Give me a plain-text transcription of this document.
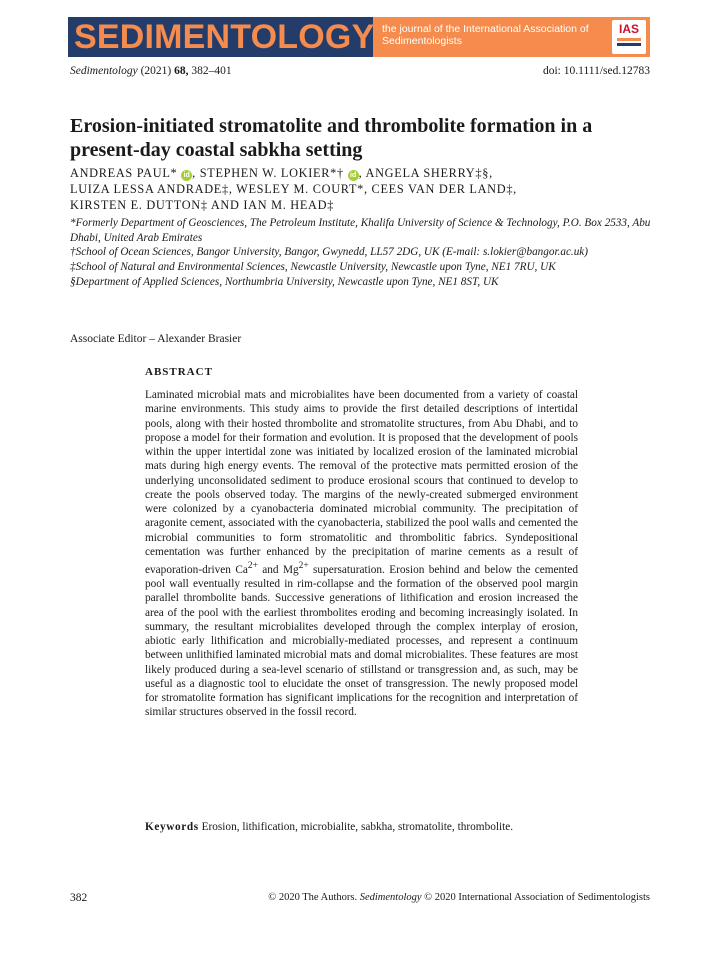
SEDIMENTOLOGY the journal of the International Association of Sedimentologists
IAS
Sedimentology (2021) 68, 382–401	doi: 10.1111/sed.12783
Erosion-initiated stromatolite and thrombolite formation in a present-day coastal sabkha setting
ANDREAS PAUL* id , STEPHEN W. LOKIER*† id , ANGELA SHERRY‡§,
LUIZA LESSA ANDRADE‡, WESLEY M. COURT*, CEES VAN DER LAND‡,
KIRSTEN E. DUTTON‡ AND IAN M. HEAD‡

*Formerly Department of Geosciences, The Petroleum Institute, Khalifa University of Science & Technology, P.O. Box 2533, Abu Dhabi, United Arab Emirates

†School of Ocean Sciences, Bangor University, Bangor, Gwynedd, LL57 2DG, UK (E-mail: s.lokier@bangor.ac.uk)

‡School of Natural and Environmental Sciences, Newcastle University, Newcastle upon Tyne, NE1 7RU, UK

§Department of Applied Sciences, Northumbria University, Newcastle upon Tyne, NE1 8ST, UK

Associate Editor – Alexander Brasier
ABSTRACT

Laminated microbial mats and microbialites have been documented from a variety of coastal marine environments. This study aims to provide the first detailed descriptions of intertidal pools, along with their hosted thrombolite and stromatolite structures, from Abu Dhabi, and to propose a model for their formation and evolution. It is proposed that the development of pools within the upper intertidal zone was initiated by localized erosion of the laminated microbial mats during high energy events. The removal of the protective mats permitted erosion of the underlying unconsolidated sediment to produce erosional scours that continued to develop to create the pools observed today. The margins of the newly-created submerged environment were colonized by a cyanobacteria dominated microbial community. The precipitation of aragonite cement, associated with the cyanobacteria, stabilized the pool walls and cemented the microbial communities to form stromatolitic and thrombolitic fabrics. Syndepositional cementation was further enhanced by the precipitation of marine cements as a result of evaporation-driven $Ca^{2+}$ and $Mg^{2+}$ supersaturation. Erosion behind and below the cemented pool wall eventually resulted in rim-collapse and the formation of the observed pool margin parallel thrombolite bands. Successive generations of lithification and erosion increased the area of the pool with the earliest thrombolites eroding and becoming increasingly isolated. In summary, the resultant microbialites developed through the complex interplay of erosion, abiotic early lithification and microbially-mediated processes, and represent a continuum between unlithified laminated microbial mats and domal microbialites. These features are most likely produced during a sea-level scenario of stillstand or transgression and, as such, may be useful as a diagnostic tool to elucidate the onset of transgression. The newly proposed model for stromatolite formation has significant implications for the recognition and interpretation of similar structures observed in the fossil record.

Keywords Erosion, lithification, microbialite, sabkha, stromatolite, thrombolite.

382	© 2020 The Authors. Sedimentology © 2020 International Association of Sedimentologists
